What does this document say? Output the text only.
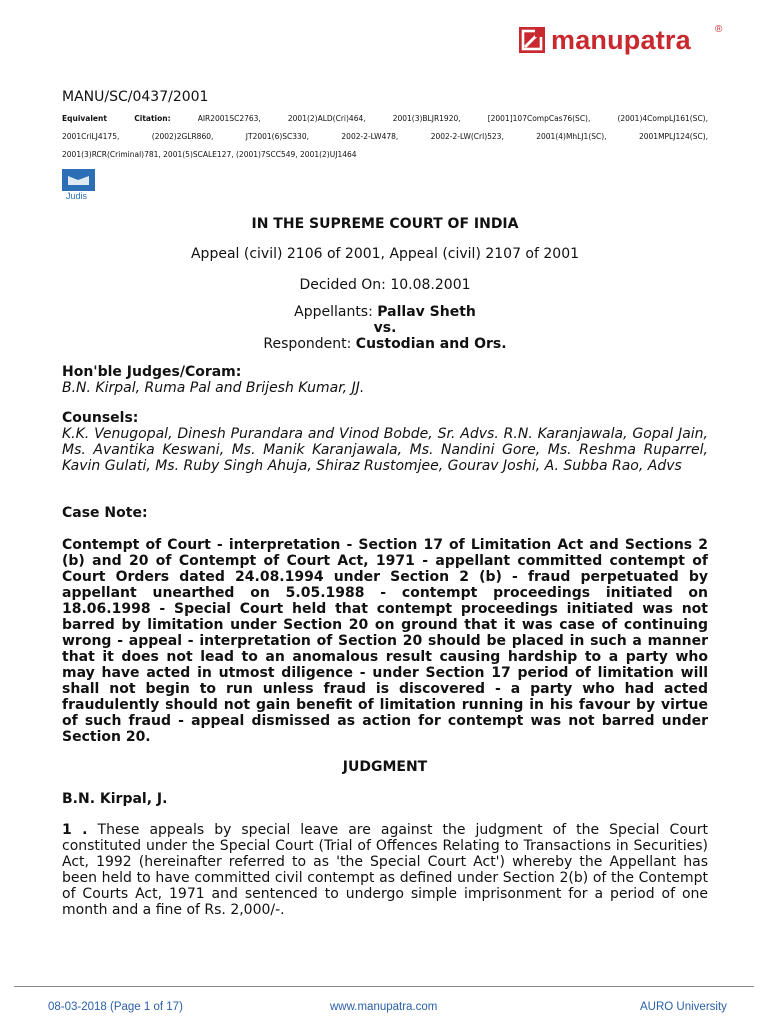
manupatra ®
MANU/SC/0437/2001
Equivalent Citation:	AIR2001SC2763, 2001(2)ALD(Cri)464, 2001(3)BLJR1920, [2001]107CompCas76(SC), (2001)4CompLJ161(SC),
2001CriLJ4175, (2002)2GLR860, JT2001(6)SC330, 2002-2-LW478, 2002-2-LW(Crl)523, 2001(4)MhLJ1(SC), 2001MPLJ124(SC),
2001(3)RCR(Criminal)781, 2001(5)SCALE127, (2001)7SCC549, 2001(2)UJ1464
Judis
IN THE SUPREME COURT OF INDIA
Appeal (civil) 2106 of 2001, Appeal (civil) 2107 of 2001
Decided On: 10.08.2001
Appellants: Pallav Sheth
vs.
Respondent: Custodian and Ors.
Hon'ble Judges/Coram:
B.N. Kirpal, Ruma Pal and Brijesh Kumar, JJ.
Counsels:
K.K. Venugopal, Dinesh Purandara and Vinod Bobde, Sr. Advs. R.N. Karanjawala, Gopal Jain, Ms. Avantika Keswani, Ms. Manik Karanjawala, Ms. Nandini Gore, Ms. Reshma Ruparrel, Kavin Gulati, Ms. Ruby Singh Ahuja, Shiraz Rustomjee, Gourav Joshi, A. Subba Rao, Advs
Case Note:
Contempt of Court - interpretation - Section 17 of Limitation Act and Sections 2 (b) and 20 of Contempt of Court Act, 1971 - appellant committed contempt of Court Orders dated 24.08.1994 under Section 2 (b) - fraud perpetuated by appellant unearthed on 5.05.1988 - contempt proceedings initiated on 18.06.1998 - Special Court held that contempt proceedings initiated was not barred by limitation under Section 20 on ground that it was case of continuing wrong - appeal - interpretation of Section 20 should be placed in such a manner that it does not lead to an anomalous result causing hardship to a party who may have acted in utmost diligence - under Section 17 period of limitation will shall not begin to run unless fraud is discovered - a party who had acted fraudulently should not gain benefit of limitation running in his favour by virtue of such fraud - appeal dismissed as action for contempt was not barred under Section 20.
JUDGMENT
B.N. Kirpal, J.
1 . These appeals by special leave are against the judgment of the Special Court constituted under the Special Court (Trial of Offences Relating to Transactions in Securities) Act, 1992 (hereinafter referred to as 'the Special Court Act') whereby the Appellant has been held to have committed civil contempt as defined under Section 2(b) of the Contempt of Courts Act, 1971 and sentenced to undergo simple imprisonment for a period of one month and a fine of Rs. 2,000/-.
08-03-2018 (Page 1 of 17)	www.manupatra.com	AURO University
